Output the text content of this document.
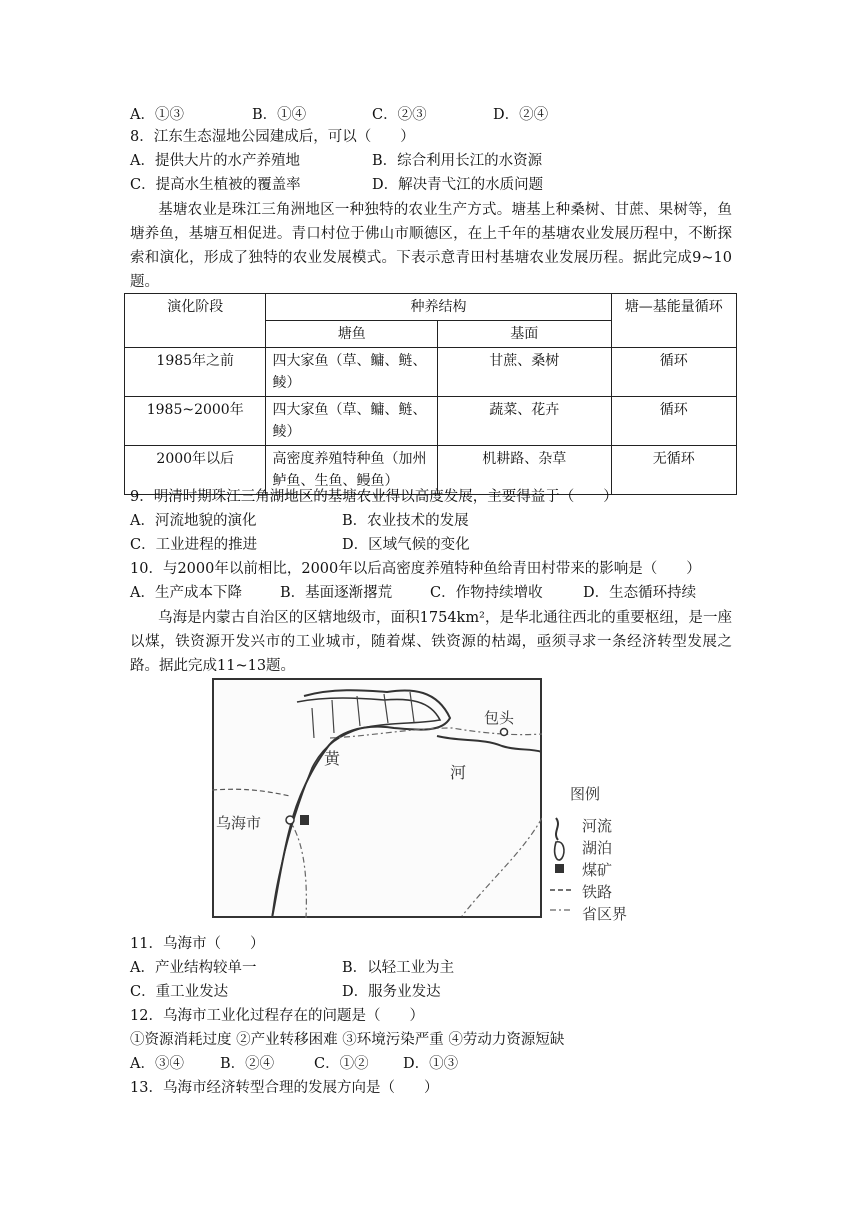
A．①③	B．①④	C．②③	D．②④
8．江东生态湿地公园建成后，可以（　　）
A．提供大片的水产养殖地	B．综合利用长江的水资源
C．提高水生植被的覆盖率	D．解决青弋江的水质问题
基塘农业是珠江三角洲地区一种独特的农业生产方式。塘基上种桑树、甘蔗、果树等，鱼塘养鱼，基塘互相促进。青口村位于佛山市顺德区，在上千年的基塘农业发展历程中，不断探索和演化，形成了独特的农业发展模式。下表示意青田村基塘农业发展历程。据此完成9~10题。
演化阶段	种养结构		塘—基能量循环
	塘鱼	基面	
1985年之前	四大家鱼（草、鳙、鲢、鲮）	甘蔗、桑树	循环
1985~2000年	四大家鱼（草、鳙、鲢、鲮）	蔬菜、花卉	循环
2000年以后	高密度养殖特种鱼（加州鲈鱼、生鱼、鳗鱼）	机耕路、杂草	无循环
9．明清时期珠江三角湖地区的基塘农业得以高度发展，主要得益于（　　）
A．河流地貌的演化	B．农业技术的发展
C．工业进程的推进	D．区域气候的变化
10．与2000年以前相比，2000年以后高密度养殖特种鱼给青田村带来的影响是（　　）
A．生产成本下降	B．基面逐渐撂荒	C．作物持续增收	D．生态循环持续
乌海是内蒙古自治区的区辖地级市，面积1754km²，是华北通往西北的重要枢纽，是一座以煤，铁资源开发兴市的工业城市，随着煤、铁资源的枯竭，亟须寻求一条经济转型发展之路。据此完成11~13题。
包头
黄
河
乌海市
图例
河流
湖泊
煤矿
铁路
省区界
11．乌海市（　　）
A．产业结构较单一	B．以轻工业为主
C．重工业发达	D．服务业发达
12．乌海市工业化过程存在的问题是（　　）
①资源消耗过度 ②产业转移困难 ③环境污染严重 ④劳动力资源短缺
A．③④ B．②④	C．①② D．①③
13．乌海市经济转型合理的发展方向是（　　）
